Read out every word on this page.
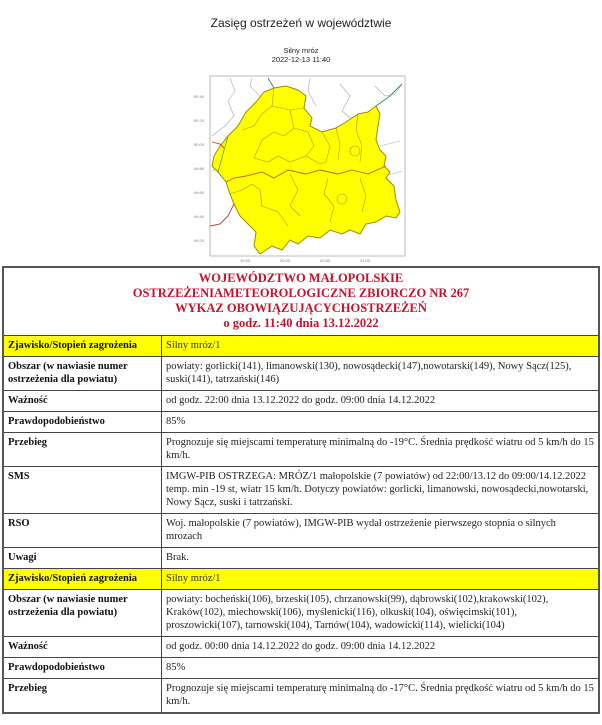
Zasięg ostrzeżeń w województwie
Silny mróz
2022-12-13 11:40
50.40
50.20
50.00
49.80
49.60
49.40
49.20
19.50	20.00	20.50	21.00
WOJEWÓDZTWO MAŁOPOLSKIE
OSTRZEŻENIAMETEOROLOGICZNE ZBIORCZO NR 267
WYKAZ OBOWIĄZUJĄCYCHOSTRZEŻEŃ
o godz. 11:40 dnia 13.12.2022	

Zjawisko/Stopień zagrożenia	Silny mróz/1
Obszar (w nawiasie numer ostrzeżenia dla powiatu)	powiaty: gorlicki(141), limanowski(130), nowosądecki(147),nowotarski(149), Nowy Sącz(125), suski(141), tatrzański(146)
Ważność	od godz. 22:00 dnia 13.12.2022 do godz. 09:00 dnia 14.12.2022
Prawdopodobieństwo	85%
Przebieg	Prognozuje się miejscami temperaturę minimalną do -19°C. Średnia prędkość wiatru od 5 km/h do 15 km/h.
SMS	IMGW-PIB OSTRZEGA: MRÓZ/1 małopolskie (7 powiatów) od 22:00/13.12 do 09:00/14.12.2022 temp. min -19 st, wiatr 15 km/h. Dotyczy powiatów: gorlicki, limanowski, nowosądecki,nowotarski, Nowy Sącz, suski i tatrzański.
RSO	Woj. małopolskie (7 powiatów), IMGW-PIB wydał ostrzeżenie pierwszego stopnia o silnych mrozach
Uwagi	Brak.
Zjawisko/Stopień zagrożenia	Silny mróz/1
Obszar (w nawiasie numer ostrzeżenia dla powiatu)	powiaty: bocheński(106), brzeski(105), chrzanowski(99), dąbrowski(102),krakowski(102), Kraków(102), miechowski(106), myślenicki(116), olkuski(104), oświęcimski(101), proszowicki(107), tarnowski(104), Tarnów(104), wadowicki(114), wielicki(104)
Ważność	od godz. 00:00 dnia 14.12.2022 do godz. 09:00 dnia 14.12.2022
Prawdopodobieństwo	85%
Przebieg	Prognozuje się miejscami temperaturę minimalną do -17°C. Średnia prędkość wiatru od 5 km/h do 15 km/h.
